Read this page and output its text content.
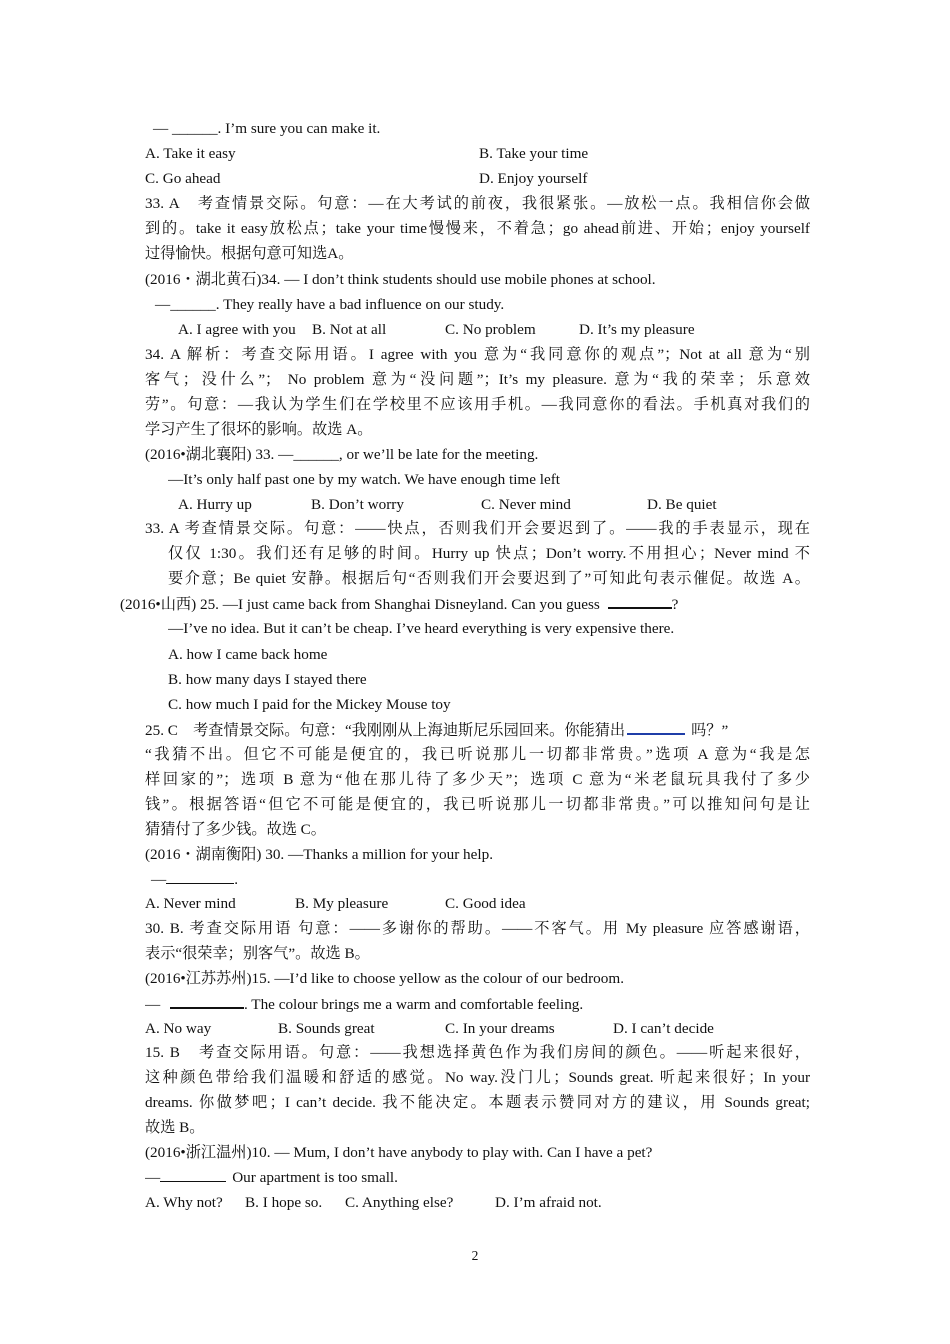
— ______. I’m sure you can make it.
A. Take it easy	B. Take your time
C. Go ahead	D. Enjoy yourself
33. A　考查情景交际。句意：—在大考试的前夜，我很紧张。—放松一点。我相信你会做
到的。take it easy放松点；take your time慢慢来，不着急；go ahead前进、开始；enjoy yourself
过得愉快。根据句意可知选A。
(2016・湖北黄石)34. — I don’t think students should use mobile phones at school.
—______. They really have a bad influence on our study.
A. I agree with you B. Not at all	C. No problem	D. It’s my pleasure
34. A 解析：考查交际用语。I agree with you 意为“我同意你的观点”；Not at all 意为“别
客气；没什么”； No problem 意为“没问题”；It’s my pleasure. 意为“我的荣幸；乐意效
劳”。句意：—我认为学生们在学校里不应该用手机。—我同意你的看法。手机真对我们的
学习产生了很坏的影响。故选 A。
(2016•湖北襄阳) 33. —______, or we’ll be late for the meeting.
—It’s only half past one by my watch. We have enough time left
A. Hurry up	B. Don’t worry	C. Never mind	D. Be quiet
33. A 考查情景交际。句意：——快点，否则我们开会要迟到了。——我的手表显示，现在
仅仅 1:30。我们还有足够的时间。Hurry up 快点；Don’t worry.不用担心；Never mind 不
要介意；Be quiet 安静。根据后句“否则我们开会要迟到了”可知此句表示催促。故选 A。
(2016•山西) 25. —I just came back from Shanghai Disneyland. Can you guess	?
—I’ve no idea. But it can’t be cheap. I’ve heard everything is very expensive there.
A. how I came back home
B. how many days I stayed there
C. how much I paid for the Mickey Mouse toy
25. C　考查情景交际。句意：“我刚刚从上海迪斯尼乐园回来。你能猜出	吗？”
“我猜不出。但它不可能是便宜的，我已听说那儿一切都非常贵。”选项 A 意为“我是怎
样回家的”；选项 B 意为“他在那儿待了多少天”；选项 C 意为“米老鼠玩具我付了多少
钱”。根据答语“但它不可能是便宜的，我已听说那儿一切都非常贵。”可以推知问句是让
猜猜付了多少钱。故选 C。
(2016・湖南衡阳) 30. —Thanks a million for your help.
—	.
A. Never mind	B. My pleasure	C. Good idea
30. B. 考查交际用语 句意：——多谢你的帮助。——不客气。用 My pleasure 应答感谢语，
表示“很荣幸；别客气”。故选 B。
(2016•江苏苏州)15. —I’d like to choose yellow as the colour of our bedroom.
—	. The colour brings me a warm and comfortable feeling.
A. No way	B. Sounds great	C. In your dreams	D. I can’t decide
15. B　考查交际用语。句意：——我想选择黄色作为我们房间的颜色。——听起来很好，
这种颜色带给我们温暖和舒适的感觉。No way.没门儿；Sounds great. 听起来很好；In your
dreams. 你做梦吧；I can’t decide. 我不能决定。本题表示赞同对方的建议，用 Sounds great;
故选 B。
(2016•浙江温州)10. — Mum, I don’t have anybody to play with. Can I have a pet?
—	Our apartment is too small.
A. Why not? B. I hope so. C. Anything else?	D. I’m afraid not.
2
